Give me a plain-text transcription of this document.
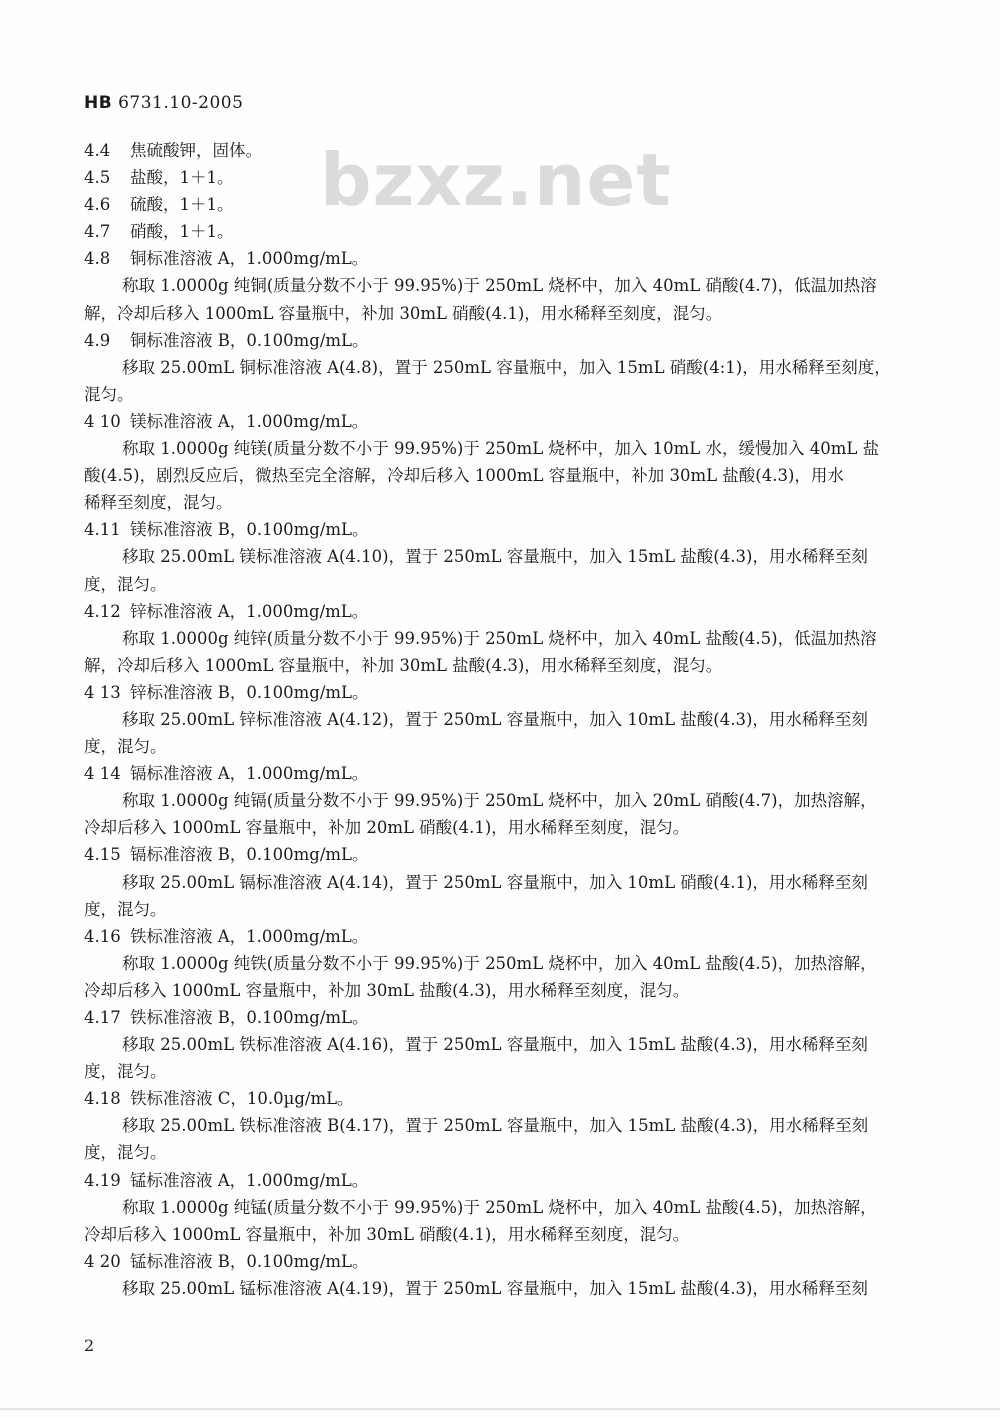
HB 6731.10-2005
bzxz.net
4.4 焦硫酸钾，固体。
4.5 盐酸，1＋1。
4.6 硫酸，1＋1。
4.7 硝酸，1＋1。
4.8 铜标准溶液 A，1.000mg/mL。
称取 1.0000g 纯铜(质量分数不小于 99.95%)于 250mL 烧杯中，加入 40mL 硝酸(4.7)，低温加热溶
解，冷却后移入 1000mL 容量瓶中，补加 30mL 硝酸(4.1)，用水稀释至刻度，混匀。
4.9 铜标准溶液 B，0.100mg/mL。
移取 25.00mL 铜标准溶液 A(4.8)，置于 250mL 容量瓶中，加入 15mL 硝酸(4:1)，用水稀释至刻度，
混匀。
4 10 镁标准溶液 A，1.000mg/mL。
称取 1.0000g 纯镁(质量分数不小于 99.95%)于 250mL 烧杯中，加入 10mL 水，缓慢加入 40mL 盐
酸(4.5)，剧烈反应后，微热至完全溶解，冷却后移入 1000mL 容量瓶中，补加 30mL 盐酸(4.3)，用水
稀释至刻度，混匀。
4.11 镁标准溶液 B，0.100mg/mL。
移取 25.00mL 镁标准溶液 A(4.10)，置于 250mL 容量瓶中，加入 15mL 盐酸(4.3)，用水稀释至刻
度，混匀。
4.12 锌标准溶液 A，1.000mg/mL。
称取 1.0000g 纯锌(质量分数不小于 99.95%)于 250mL 烧杯中，加入 40mL 盐酸(4.5)，低温加热溶
解，冷却后移入 1000mL 容量瓶中，补加 30mL 盐酸(4.3)，用水稀释至刻度，混匀。
4 13 锌标准溶液 B，0.100mg/mL。
移取 25.00mL 锌标准溶液 A(4.12)，置于 250mL 容量瓶中，加入 10mL 盐酸(4.3)，用水稀释至刻
度，混匀。
4 14 镉标准溶液 A，1.000mg/mL。
称取 1.0000g 纯镉(质量分数不小于 99.95%)于 250mL 烧杯中，加入 20mL 硝酸(4.7)，加热溶解，
冷却后移入 1000mL 容量瓶中，补加 20mL 硝酸(4.1)，用水稀释至刻度，混匀。
4.15 镉标准溶液 B，0.100mg/mL。
移取 25.00mL 镉标准溶液 A(4.14)，置于 250mL 容量瓶中，加入 10mL 硝酸(4.1)，用水稀释至刻
度，混匀。
4.16 铁标准溶液 A，1.000mg/mL。
称取 1.0000g 纯铁(质量分数不小于 99.95%)于 250mL 烧杯中，加入 40mL 盐酸(4.5)，加热溶解，
冷却后移入 1000mL 容量瓶中，补加 30mL 盐酸(4.3)，用水稀释至刻度，混匀。
4.17 铁标准溶液 B，0.100mg/mL。
移取 25.00mL 铁标准溶液 A(4.16)，置于 250mL 容量瓶中，加入 15mL 盐酸(4.3)，用水稀释至刻
度，混匀。
4.18 铁标准溶液 C，10.0µg/mL。
移取 25.00mL 铁标准溶液 B(4.17)，置于 250mL 容量瓶中，加入 15mL 盐酸(4.3)，用水稀释至刻
度，混匀。
4.19 锰标准溶液 A，1.000mg/mL。
称取 1.0000g 纯锰(质量分数不小于 99.95%)于 250mL 烧杯中，加入 40mL 盐酸(4.5)，加热溶解，
冷却后移入 1000mL 容量瓶中，补加 30mL 硝酸(4.1)，用水稀释至刻度，混匀。
4 20 锰标准溶液 B，0.100mg/mL。
移取 25.00mL 锰标准溶液 A(4.19)，置于 250mL 容量瓶中，加入 15mL 盐酸(4.3)，用水稀释至刻
2
